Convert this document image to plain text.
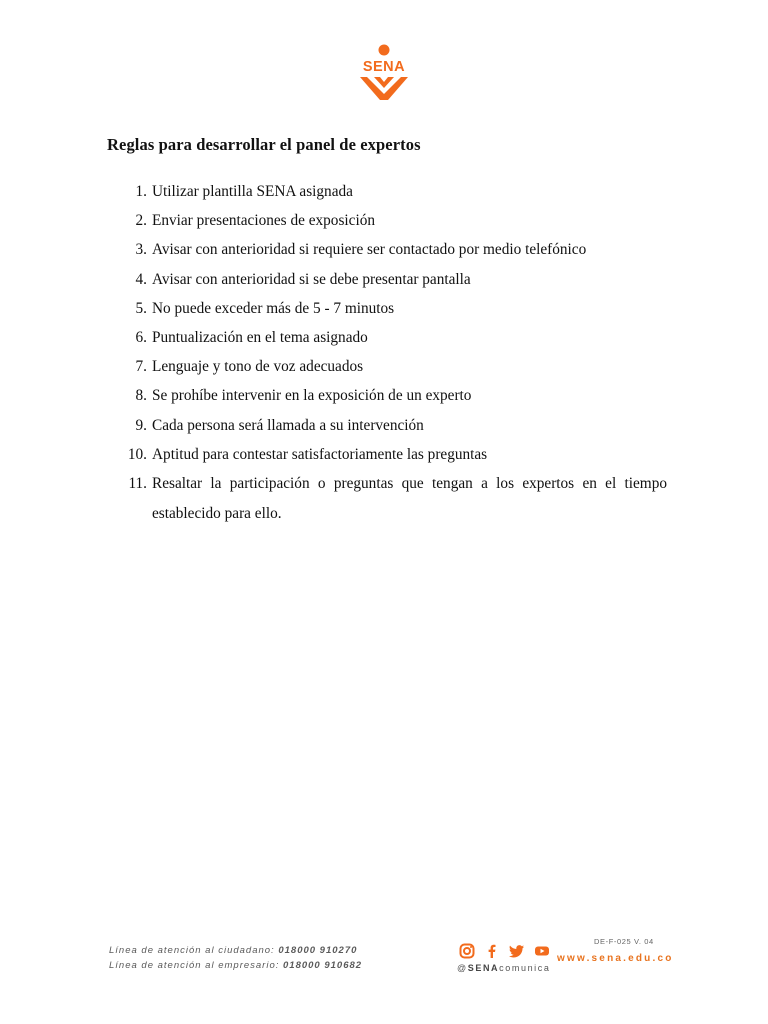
SENA
Reglas para desarrollar el panel de expertos
1. Utilizar plantilla SENA asignada
2. Enviar presentaciones de exposición
3. Avisar con anterioridad si requiere ser contactado por medio telefónico
4. Avisar con anterioridad si se debe presentar pantalla
5. No puede exceder más de 5 - 7 minutos
6. Puntualización en el tema asignado
7. Lenguaje y tono de voz adecuados
8. Se prohíbe intervenir en la exposición de un experto
9. Cada persona será llamada a su intervención
10. Aptitud para contestar satisfactoriamente las preguntas
11. Resaltar la participación o preguntas que tengan a los expertos en el tiempo establecido para ello.
Línea de atención al ciudadano: 018000 910270
Línea de atención al empresario: 018000 910682	@SENAcomunica
DE-F-025 V. 04
www.sena.edu.co
